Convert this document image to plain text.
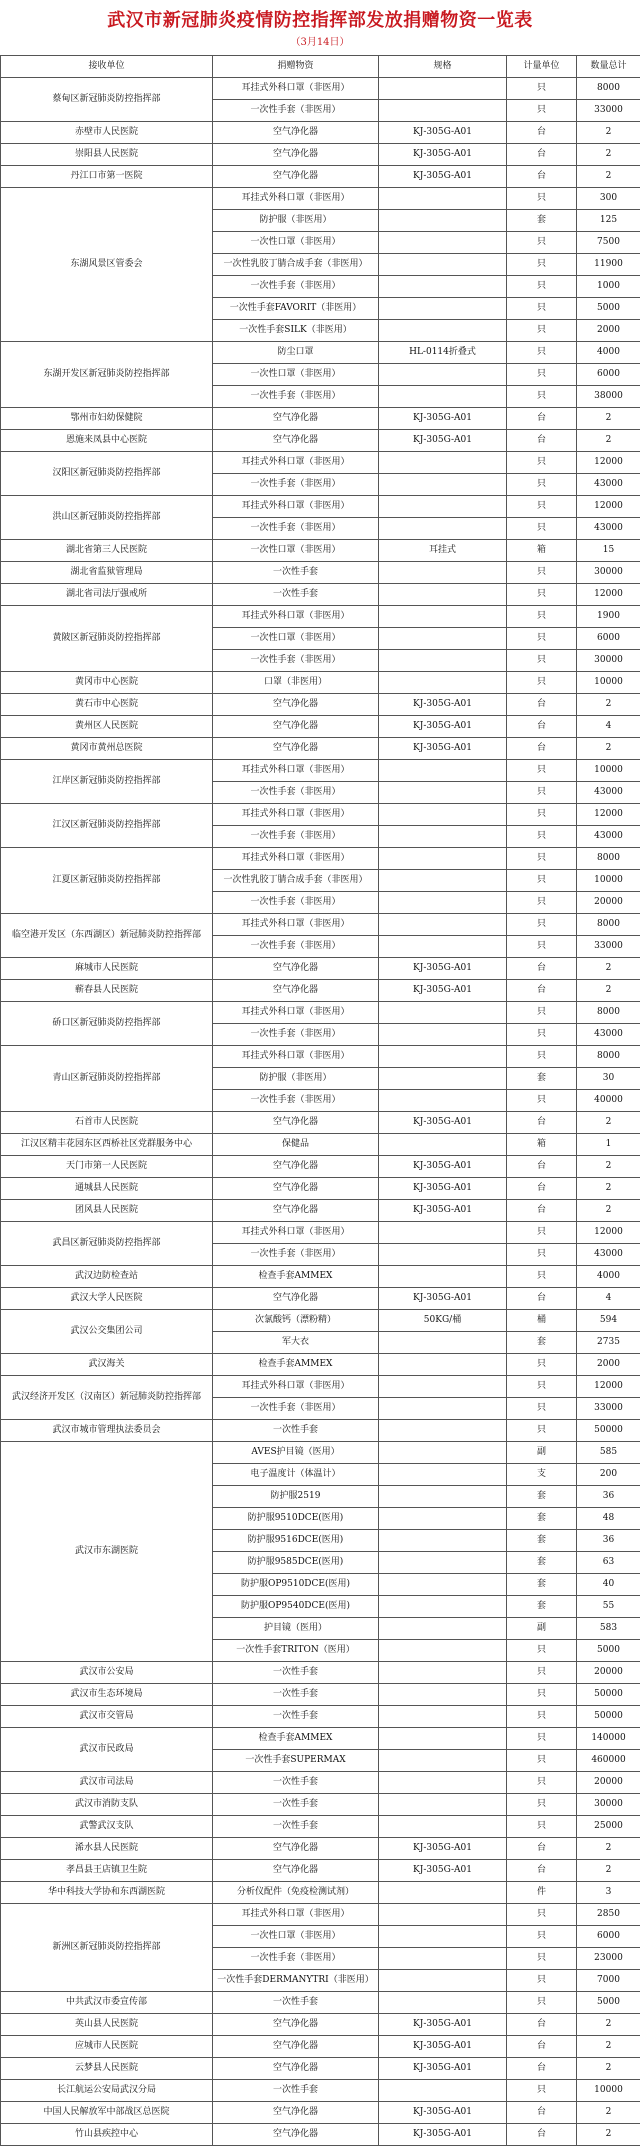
武汉市新冠肺炎疫情防控指挥部发放捐赠物资一览表
（3月14日）
接收单位	捐赠物资	规格	计量单位	数量总计
蔡甸区新冠肺炎防控指挥部	耳挂式外科口罩（非医用）		只	8000
	一次性手套（非医用）		只	33000
赤壁市人民医院	空气净化器	KJ-305G-A01	台	2
崇阳县人民医院	空气净化器	KJ-305G-A01	台	2
丹江口市第一医院	空气净化器	KJ-305G-A01	台	2
东湖风景区管委会	耳挂式外科口罩（非医用）		只	300
	防护服（非医用）		套	125
	一次性口罩（非医用）		只	7500
	一次性乳胶丁腈合成手套（非医用）		只	11900
	一次性手套（非医用）		只	1000
	一次性手套FAVORIT（非医用）		只	5000
	一次性手套SILK（非医用）		只	2000
东湖开发区新冠肺炎防控指挥部	防尘口罩	HL-0114折叠式	只	4000
	一次性口罩（非医用）		只	6000
	一次性手套（非医用）		只	38000
鄂州市妇幼保健院	空气净化器	KJ-305G-A01	台	2
恩施来凤县中心医院	空气净化器	KJ-305G-A01	台	2
汉阳区新冠肺炎防控指挥部	耳挂式外科口罩（非医用）		只	12000
	一次性手套（非医用）		只	43000
洪山区新冠肺炎防控指挥部	耳挂式外科口罩（非医用）		只	12000
	一次性手套（非医用）		只	43000
湖北省第三人民医院	一次性口罩（非医用）	耳挂式	箱	15
湖北省监狱管理局	一次性手套		只	30000
湖北省司法厅强戒所	一次性手套		只	12000
黄陂区新冠肺炎防控指挥部	耳挂式外科口罩（非医用）		只	1900
	一次性口罩（非医用）		只	6000
	一次性手套（非医用）		只	30000
黄冈市中心医院	口罩（非医用）		只	10000
黄石市中心医院	空气净化器	KJ-305G-A01	台	2
黄州区人民医院	空气净化器	KJ-305G-A01	台	4
黄冈市黄州总医院	空气净化器	KJ-305G-A01	台	2
江岸区新冠肺炎防控指挥部	耳挂式外科口罩（非医用）		只	10000
	一次性手套（非医用）		只	43000
江汉区新冠肺炎防控指挥部	耳挂式外科口罩（非医用）		只	12000
	一次性手套（非医用）		只	43000
江夏区新冠肺炎防控指挥部	耳挂式外科口罩（非医用）		只	8000
	一次性乳胶丁腈合成手套（非医用）		只	10000
	一次性手套（非医用）		只	20000
临空港开发区（东西湖区）新冠肺炎防控指挥部	耳挂式外科口罩（非医用）		只	8000
	一次性手套（非医用）		只	33000
麻城市人民医院	空气净化器	KJ-305G-A01	台	2
蕲春县人民医院	空气净化器	KJ-305G-A01	台	2
硚口区新冠肺炎防控指挥部	耳挂式外科口罩（非医用）		只	8000
	一次性手套（非医用）		只	43000
青山区新冠肺炎防控指挥部	耳挂式外科口罩（非医用）		只	8000
	防护服（非医用）		套	30
	一次性手套（非医用）		只	40000
石首市人民医院	空气净化器	KJ-305G-A01	台	2
江汉区精丰花园东区西桥社区党群服务中心	保健品		箱	1
天门市第一人民医院	空气净化器	KJ-305G-A01	台	2
通城县人民医院	空气净化器	KJ-305G-A01	台	2
团风县人民医院	空气净化器	KJ-305G-A01	台	2
武昌区新冠肺炎防控指挥部	耳挂式外科口罩（非医用）		只	12000
	一次性手套（非医用）		只	43000
武汉边防检查站	检查手套AMMEX		只	4000
武汉大学人民医院	空气净化器	KJ-305G-A01	台	4
武汉公交集团公司	次氯酸钙（漂粉精）	50KG/桶	桶	594
	军大衣		套	2735
武汉海关	检查手套AMMEX		只	2000
武汉经济开发区（汉南区）新冠肺炎防控指挥部	耳挂式外科口罩（非医用）		只	12000
	一次性手套（非医用）		只	33000
武汉市城市管理执法委员会	一次性手套		只	50000
武汉市东湖医院	AVES护目镜（医用）		副	585
	电子温度计（体温计）		支	200
	防护服2519		套	36
	防护服9510DCE(医用)		套	48
	防护服9516DCE(医用)		套	36
	防护服9585DCE(医用)		套	63
	防护服OP9510DCE(医用)		套	40
	防护服OP9540DCE(医用)		套	55
	护目镜（医用）		副	583
	一次性手套TRITON（医用）		只	5000
武汉市公安局	一次性手套		只	20000
武汉市生态环境局	一次性手套		只	50000
武汉市交管局	一次性手套		只	50000
武汉市民政局	检查手套AMMEX		只	140000
	一次性手套SUPERMAX		只	460000
武汉市司法局	一次性手套		只	20000
武汉市消防支队	一次性手套		只	30000
武警武汉支队	一次性手套		只	25000
浠水县人民医院	空气净化器	KJ-305G-A01	台	2
孝昌县王店镇卫生院	空气净化器	KJ-305G-A01	台	2
华中科技大学协和东西湖医院	分析仪配件（免疫检测试剂）		件	3
新洲区新冠肺炎防控指挥部	耳挂式外科口罩（非医用）		只	2850
	一次性口罩（非医用）		只	6000
	一次性手套（非医用）		只	23000
	一次性手套DERMANYTRI（非医用）		只	7000
中共武汉市委宣传部	一次性手套		只	5000
英山县人民医院	空气净化器	KJ-305G-A01	台	2
应城市人民医院	空气净化器	KJ-305G-A01	台	2
云梦县人民医院	空气净化器	KJ-305G-A01	台	2
长江航运公安局武汉分局	一次性手套		只	10000
中国人民解放军中部战区总医院	空气净化器	KJ-305G-A01	台	2
竹山县疾控中心	空气净化器	KJ-305G-A01	台	2
